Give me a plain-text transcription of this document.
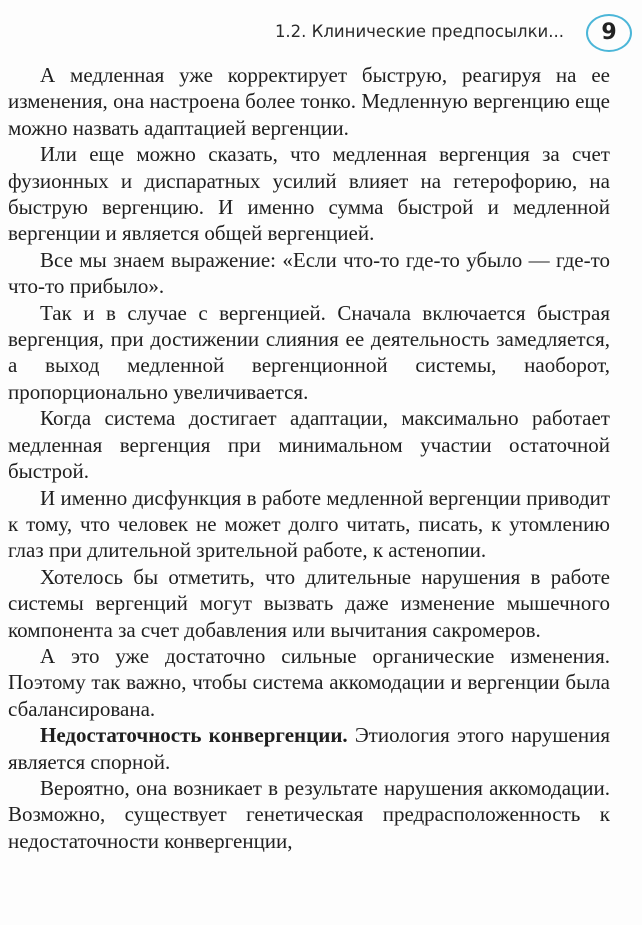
1.2. Клинические предпосылки...	9

А медленная уже корректирует быструю, реагируя на ее изменения, она настроена более тонко. Медленную вергенцию еще можно назвать адаптацией вергенции.

Или еще можно сказать, что медленная вергенция за счет фузионных и диспаратных усилий влияет на гетерофорию, на быструю вергенцию. И именно сумма быстрой и медленной вергенции и является общей вергенцией.

Все мы знаем выражение: «Если что-то где-то убыло — где-то что-то прибыло».

Так и в случае с вергенцией. Сначала включается быстрая вергенция, при достижении слияния ее деятельность замедляется, а выход медленной вергенционной системы, наоборот, пропорционально увеличивается.

Когда система достигает адаптации, максимально работает медленная вергенция при минимальном участии остаточной быстрой.

И именно дисфункция в работе медленной вергенции приводит к тому, что человек не может долго читать, писать, к утомлению глаз при длительной зрительной работе, к астенопии.

Хотелось бы отметить, что длительные нарушения в работе системы вергенций могут вызвать даже изменение мышечного компонента за счет добавления или вычитания сакромеров.

А это уже достаточно сильные органические изменения. Поэтому так важно, чтобы система аккомодации и вергенции была сбалансирована.

Недостаточность конвергенции. Этиология этого нарушения является спорной.

Вероятно, она возникает в результате нарушения аккомодации. Возможно, существует генетическая предрасположенность к недостаточности конвергенции,
